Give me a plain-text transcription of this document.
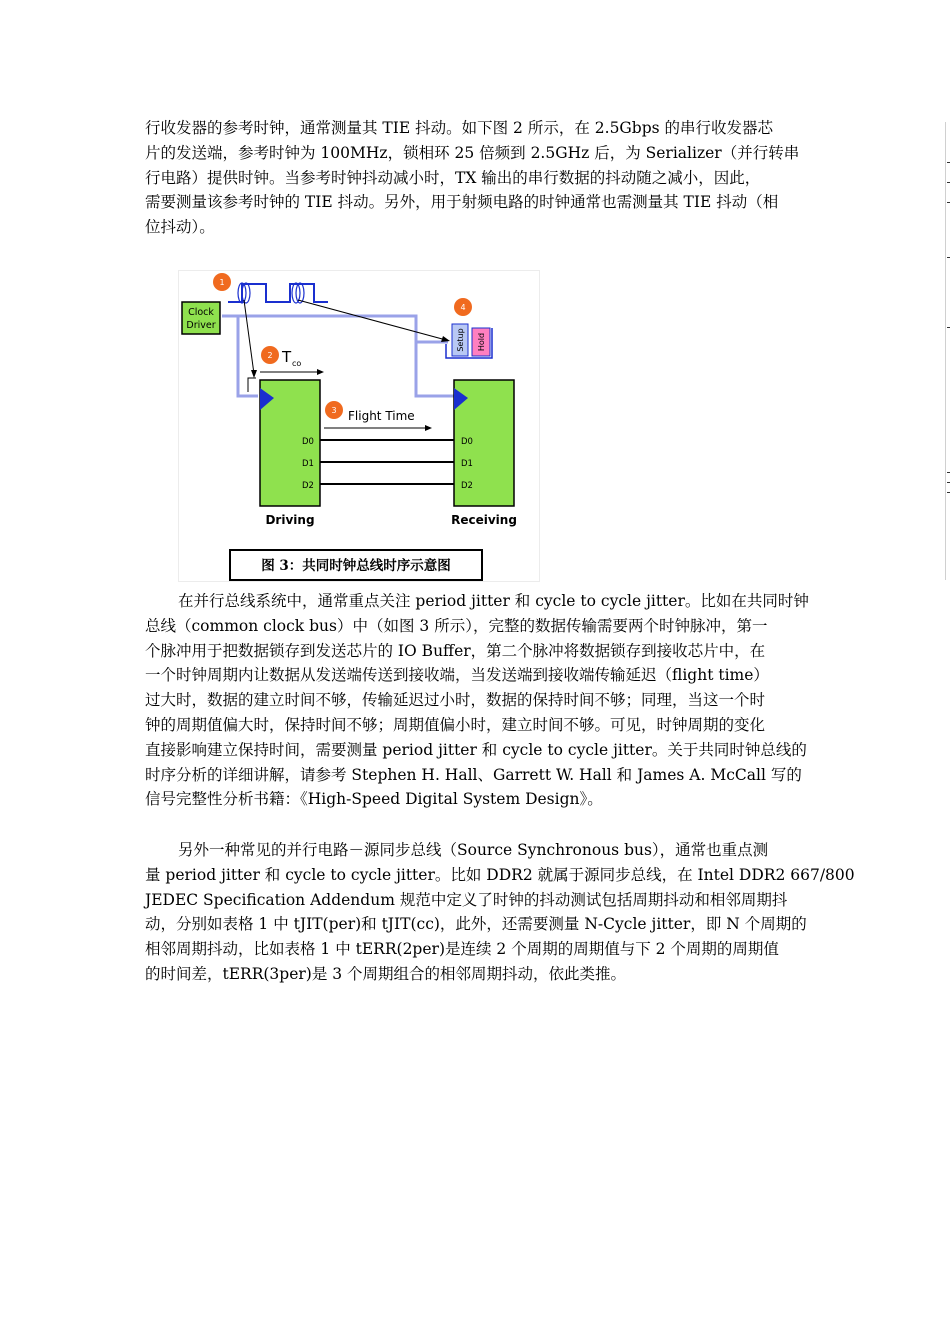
行收发器的参考时钟，通常测量其 TIE 抖动。如下图 2 所示，在 2.5Gbps 的串行收发器芯
片的发送端，参考时钟为 100MHz，锁相环 25 倍频到 2.5GHz 后，为 Serializer（并行转串
行电路）提供时钟。当参考时钟抖动减小时，TX 输出的串行数据的抖动随之减小，因此，
需要测量该参考时钟的 TIE 抖动。另外，用于射频电路的时钟通常也需测量其 TIE 抖动（相
位抖动）。
Clock
Driver
1
Setup Hold
4
2 T co
D0
D1
D2
Driving
D0
D1
D2
Receiving
3 Flight Time
图 3：共同时钟总线时序示意图
在并行总线系统中，通常重点关注 period jitter 和 cycle to cycle jitter。比如在共同时钟
总线（common clock bus）中（如图 3 所示），完整的数据传输需要两个时钟脉冲，第一
个脉冲用于把数据锁存到发送芯片的 IO Buffer，第二个脉冲将数据锁存到接收芯片中，在
一个时钟周期内让数据从发送端传送到接收端，当发送端到接收端传输延迟（flight time）
过大时，数据的建立时间不够，传输延迟过小时，数据的保持时间不够；同理，当这一个时
钟的周期值偏大时，保持时间不够；周期值偏小时，建立时间不够。可见，时钟周期的变化
直接影响建立保持时间，需要测量 period jitter 和 cycle to cycle jitter。关于共同时钟总线的
时序分析的详细讲解，请参考 Stephen H. Hall、Garrett W. Hall 和 James A. McCall 写的
信号完整性分析书籍：《High-Speed Digital System Design》。
另外一种常见的并行电路－源同步总线（Source Synchronous bus），通常也重点测
量 period jitter 和 cycle to cycle jitter。比如 DDR2 就属于源同步总线，在 Intel DDR2 667/800
JEDEC Specification Addendum 规范中定义了时钟的抖动测试包括周期抖动和相邻周期抖
动，分别如表格 1 中 tJIT(per)和 tJIT(cc)，此外，还需要测量 N-Cycle jitter，即 N 个周期的
相邻周期抖动，比如表格 1 中 tERR(2per)是连续 2 个周期的周期值与下 2 个周期的周期值
的时间差，tERR(3per)是 3 个周期组合的相邻周期抖动，依此类推。
